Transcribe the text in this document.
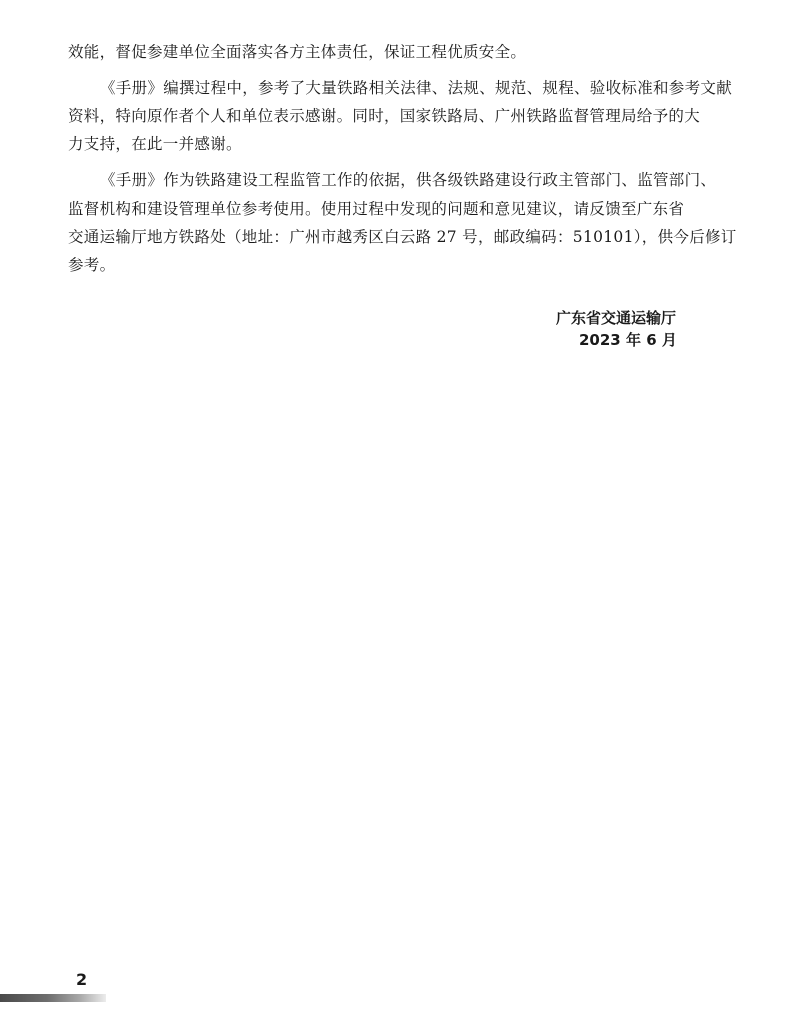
效能，督促参建单位全面落实各方主体责任，保证工程优质安全。
《手册》编撰过程中，参考了大量铁路相关法律、法规、规范、规程、验收标准和参考文献
资料，特向原作者个人和单位表示感谢。同时，国家铁路局、广州铁路监督管理局给予的大
力支持，在此一并感谢。
《手册》作为铁路建设工程监管工作的依据，供各级铁路建设行政主管部门、监管部门、
监督机构和建设管理单位参考使用。使用过程中发现的问题和意见建议，请反馈至广东省
交通运输厅地方铁路处（地址：广州市越秀区白云路 27 号，邮政编码：510101），供今后修订
参考。
广东省交通运输厅
2023 年 6 月
2
